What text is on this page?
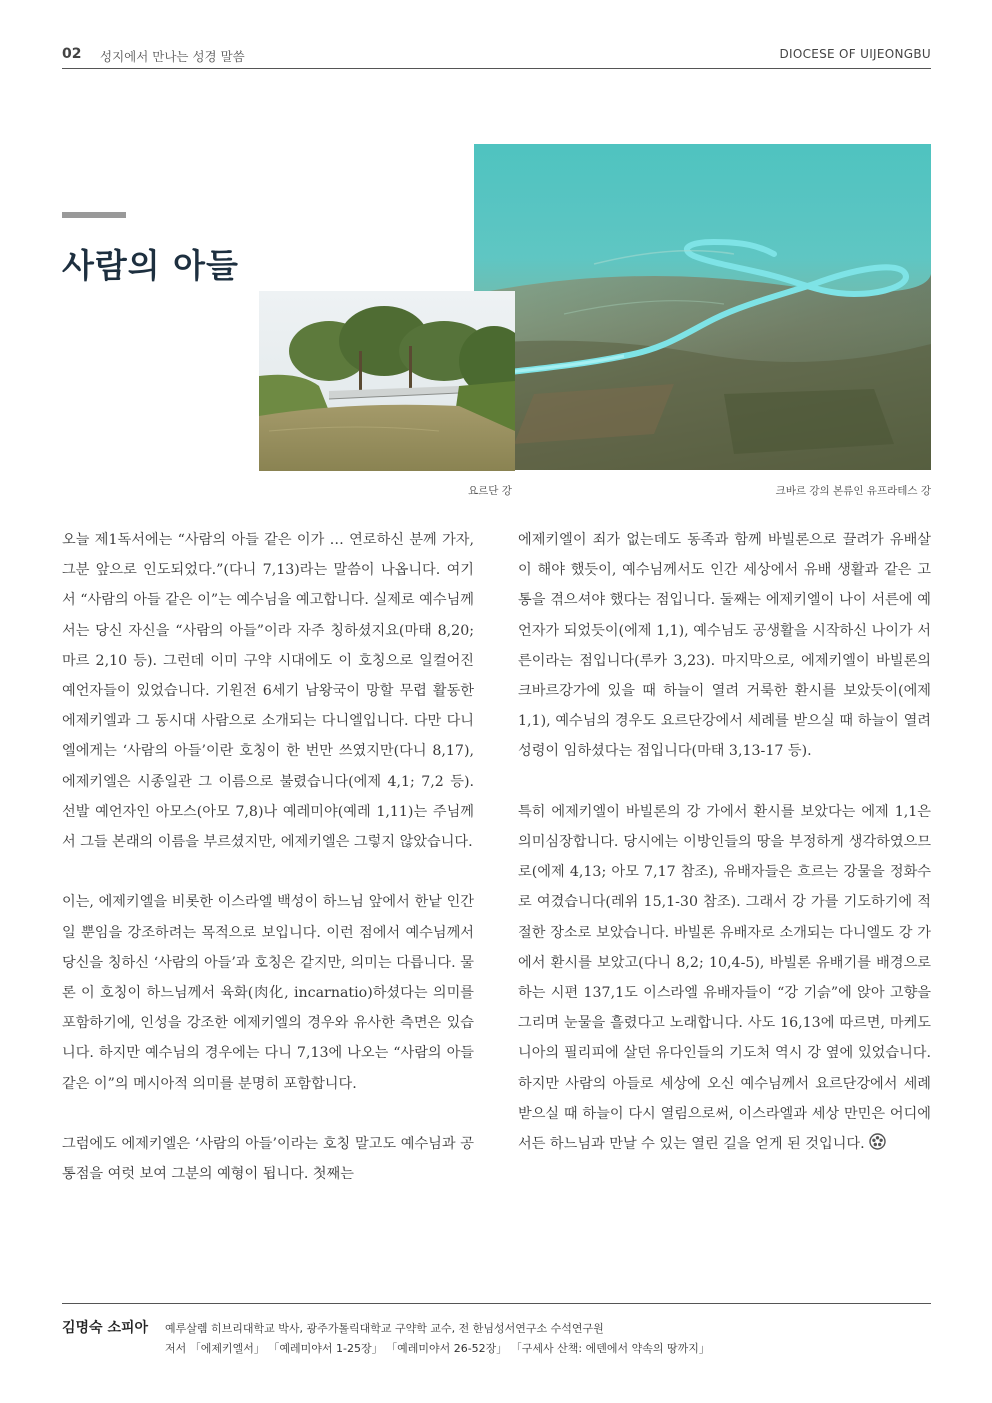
02 성지에서 만나는 성경 말씀	DIOCESE OF UIJEONGBU
사람의 아들
요르단 강	크바르 강의 본류인 유프라테스 강

오늘 제1독서에는 “사람의 아들 같은 이가 … 연로하신 분께 가자, 그분 앞으로 인도되었다.”(다니 7,13)라는 말씀이 나옵니다. 여기서 “사람의 아들 같은 이”는 예수님을 예고합니다. 실제로 예수님께서는 당신 자신을 “사람의 아들”이라 자주 칭하셨지요(마태 8,20; 마르 2,10 등). 그런데 이미 구약 시대에도 이 호칭으로 일컬어진 예언자들이 있었습니다. 기원전 6세기 남왕국이 망할 무렵 활동한 에제키엘과 그 동시대 사람으로 소개되는 다니엘입니다. 다만 다니엘에게는 ‘사람의 아들’이란 호칭이 한 번만 쓰였지만(다니 8,17), 에제키엘은 시종일관 그 이름으로 불렸습니다(에제 4,1; 7,2 등). 선발 예언자인 아모스(아모 7,8)나 예레미야(예레 1,11)는 주님께서 그들 본래의 이름을 부르셨지만, 에제키엘은 그렇지 않았습니다.

이는, 에제키엘을 비롯한 이스라엘 백성이 하느님 앞에서 한낱 인간일 뿐임을 강조하려는 목적으로 보입니다. 이런 점에서 예수님께서 당신을 칭하신 ‘사람의 아들’과 호칭은 같지만, 의미는 다릅니다. 물론 이 호칭이 하느님께서 육화(肉化, incarnatio)하셨다는 의미를 포함하기에, 인성을 강조한 에제키엘의 경우와 유사한 측면은 있습니다. 하지만 예수님의 경우에는 다니 7,13에 나오는 “사람의 아들 같은 이”의 메시아적 의미를 분명히 포함합니다.

그럼에도 에제키엘은 ‘사람의 아들’이라는 호칭 말고도 예수님과 공통점을 여럿 보여 그분의 예형이 됩니다. 첫째는

에제키엘이 죄가 없는데도 동족과 함께 바빌론으로 끌려가 유배살이 해야 했듯이, 예수님께서도 인간 세상에서 유배 생활과 같은 고통을 겪으셔야 했다는 점입니다. 둘째는 에제키엘이 나이 서른에 예언자가 되었듯이(에제 1,1), 예수님도 공생활을 시작하신 나이가 서른이라는 점입니다(루카 3,23). 마지막으로, 에제키엘이 바빌론의 크바르강가에 있을 때 하늘이 열려 거룩한 환시를 보았듯이(에제 1,1), 예수님의 경우도 요르단강에서 세례를 받으실 때 하늘이 열려 성령이 임하셨다는 점입니다(마태 3,13-17 등).

특히 에제키엘이 바빌론의 강 가에서 환시를 보았다는 에제 1,1은 의미심장합니다. 당시에는 이방인들의 땅을 부정하게 생각하였으므로(에제 4,13; 아모 7,17 참조), 유배자들은 흐르는 강물을 정화수로 여겼습니다(레위 15,1-30 참조). 그래서 강 가를 기도하기에 적절한 장소로 보았습니다. 바빌론 유배자로 소개되는 다니엘도 강 가에서 환시를 보았고(다니 8,2; 10,4-5), 바빌론 유배기를 배경으로 하는 시편 137,1도 이스라엘 유배자들이 “강 기슭”에 앉아 고향을 그리며 눈물을 흘렸다고 노래합니다. 사도 16,13에 따르면, 마케도니아의 필리피에 살던 유다인들의 기도처 역시 강 옆에 있었습니다. 하지만 사람의 아들로 세상에 오신 예수님께서 요르단강에서 세례 받으실 때 하늘이 다시 열림으로써, 이스라엘과 세상 만민은 어디에서든 하느님과 만날 수 있는 열린 길을 얻게 된 것입니다.

김명숙 소피아 예루살렘 히브리대학교 박사, 광주가톨릭대학교 구약학 교수, 전 한님성서연구소 수석연구원
저서 「에제키엘서」 「예레미야서 1-25장」 「예레미야서 26-52장」 「구세사 산책: 에덴에서 약속의 땅까지」
